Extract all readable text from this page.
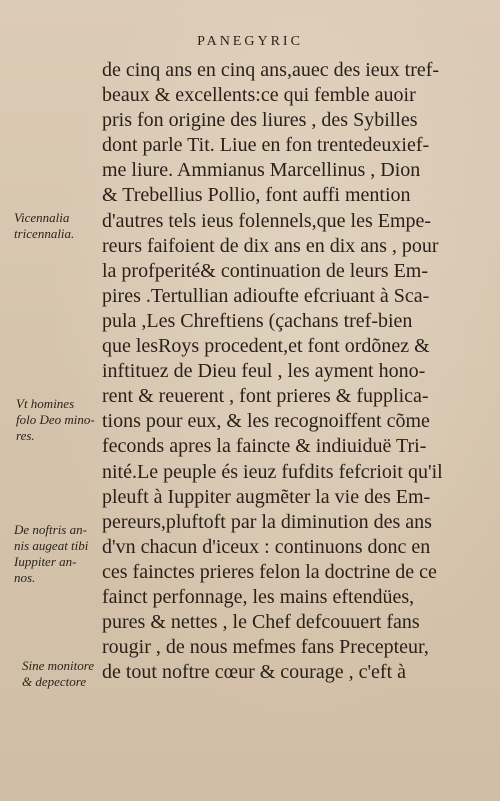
PANEGYRIC
de cinq ans en cinq ans,auec des ieux tref-
beaux & excellents:ce qui femble auoir
pris fon origine des liures , des Sybilles
dont parle Tit. Liue en fon trentedeuxief-
me liure. Ammianus Marcellinus , Dion
& Trebellius Pollio, font auffi mention
d'autres tels ieus folennels,que les Empe-
reurs faifoient de dix ans en dix ans , pour
la profperité& continuation de leurs Em-
pires .Tertullian adioufte efcriuant à Sca-
pula ,Les Chreftiens (çachans tref-bien
que lesRoys procedent,et font ordõnez &
inftituez de Dieu feul , les ayment hono-
rent & reuerent , font prieres & fupplica-
tions pour eux, & les recognoiffent cõme
feconds apres la faincte & indiuiduë Tri-
nité.Le peuple és ieuz fufdits fefcrioit qu'il
pleuft à Iuppiter augmẽter la vie des Em-
pereurs,pluftoft par la diminution des ans
d'vn chacun d'iceux : continuons donc en
ces fainctes prieres felon la doctrine de ce
fainct perfonnage, les mains eftendües,
pures & nettes , le Chef defcouuert fans
rougir , de nous mefmes fans Precepteur,
de tout noftre cœur & courage , c'eft à
Vicennalia
tricennalia.
Vt homines
folo Deo mino-
res.
De noftris an-
nis augeat tibi
Iuppiter an-
nos.
Sine monitore
& depectore
